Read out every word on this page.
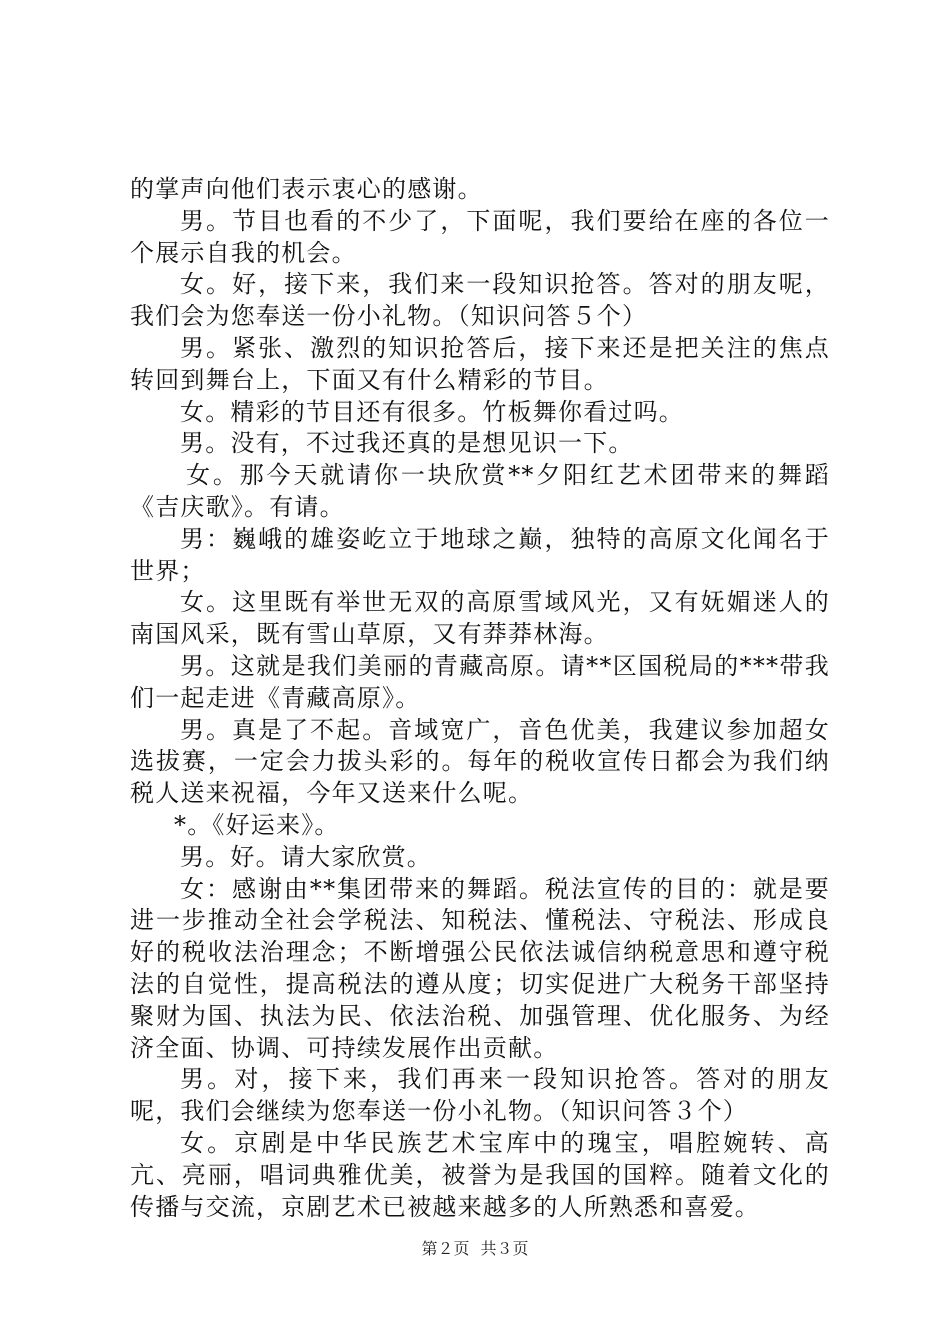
的掌声向他们表示衷心的感谢。

男。节目也看的不少了，下面呢，我们要给在座的各位一个展示自我的机会。

女。好，接下来，我们来一段知识抢答。答对的朋友呢，我们会为您奉送一份小礼物。（知识问答５个）

男。紧张、激烈的知识抢答后，接下来还是把关注的焦点转回到舞台上，下面又有什么精彩的节目。

女。精彩的节目还有很多。竹板舞你看过吗。

男。没有，不过我还真的是想见识一下。

女。那今天就请你一块欣赏**夕阳红艺术团带来的舞蹈《吉庆歌》。有请。

男：巍峨的雄姿屹立于地球之巅，独特的高原文化闻名于世界；

女。这里既有举世无双的高原雪域风光，又有妩媚迷人的南国风采，既有雪山草原，又有莽莽林海。

男。这就是我们美丽的青藏高原。请**区国税局的***带我们一起走进《青藏高原》。

男。真是了不起。音域宽广，音色优美，我建议参加超女选拔赛，一定会力拔头彩的。每年的税收宣传日都会为我们纳税人送来祝福，今年又送来什么呢。

*。《好运来》。

男。好。请大家欣赏。

女：感谢由**集团带来的舞蹈。税法宣传的目的：就是要进一步推动全社会学税法、知税法、懂税法、守税法、形成良好的税收法治理念；不断增强公民依法诚信纳税意思和遵守税法的自觉性，提高税法的遵从度；切实促进广大税务干部坚持聚财为国、执法为民、依法治税、加强管理、优化服务、为经济全面、协调、可持续发展作出贡献。

男。对，接下来，我们再来一段知识抢答。答对的朋友呢，我们会继续为您奉送一份小礼物。（知识问答３个）

女。京剧是中华民族艺术宝库中的瑰宝，唱腔婉转、高亢、亮丽，唱词典雅优美，被誉为是我国的国粹。随着文化的传播与交流，京剧艺术已被越来越多的人所熟悉和喜爱。

第２页 共３页
